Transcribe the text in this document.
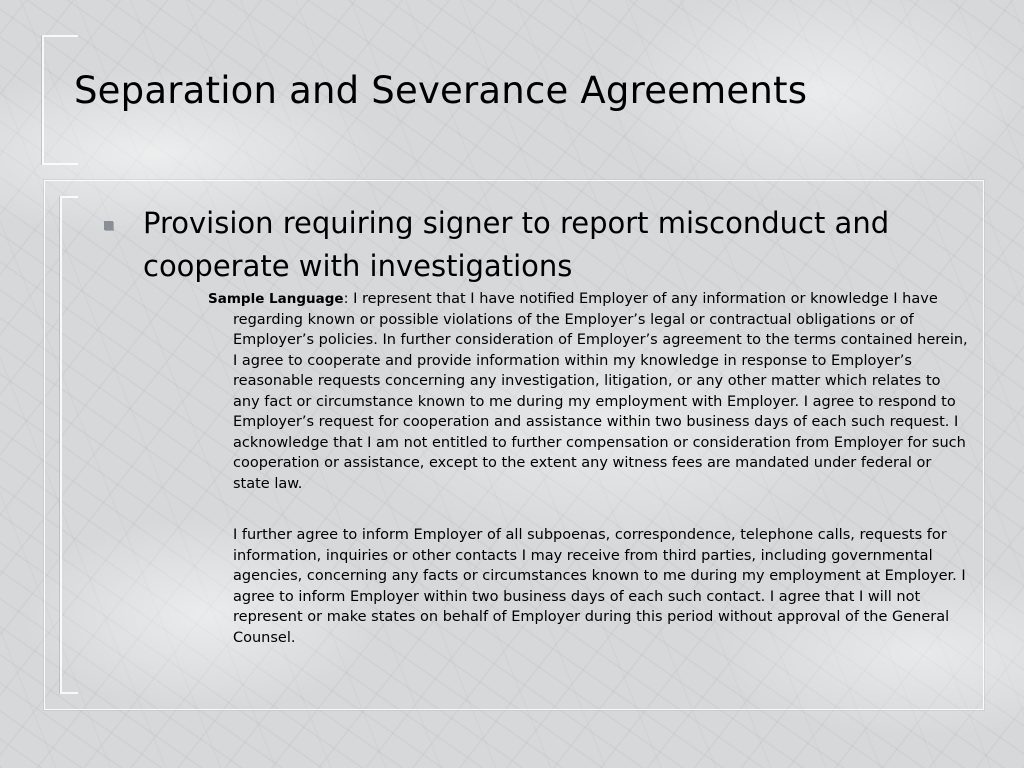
Separation and Severance Agreements
Provision requiring signer to report misconduct and cooperate with investigations

Sample Language: I represent that I have notified Employer of any information or knowledge I have regarding known or possible violations of the Employer’s legal or contractual obligations or of Employer’s policies. In further consideration of Employer’s agreement to the terms contained herein, I agree to cooperate and provide information within my knowledge in response to Employer’s reasonable requests concerning any investigation, litigation, or any other matter which relates to any fact or circumstance known to me during my employment with Employer. I agree to respond to Employer’s request for cooperation and assistance within two business days of each such request. I acknowledge that I am not entitled to further compensation or consideration from Employer for such cooperation or assistance, except to the extent any witness fees are mandated under federal or state law.

I further agree to inform Employer of all subpoenas, correspondence, telephone calls, requests for information, inquiries or other contacts I may receive from third parties, including governmental agencies, concerning any facts or circumstances known to me during my employment at Employer. I agree to inform Employer within two business days of each such contact. I agree that I will not represent or make states on behalf of Employer during this period without approval of the General Counsel.
